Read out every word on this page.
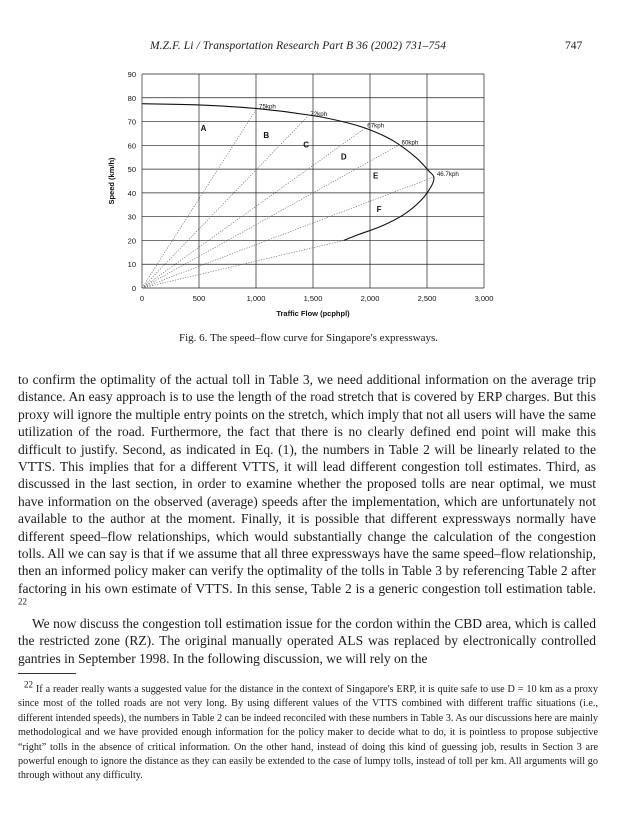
M.Z.F. Li / Transportation Research Part B 36 (2002) 731–754	747
0
10
20
30
40
50
60
70
80
90
0	500	1,000	1,500	2,000	2,500	3,000
Traffic Flow (pcphpl)
Speed (km/h)
75kph
72kph
67kph
60kph
46.7kph
A
B
C
D
E
F
Fig. 6. The speed–flow curve for Singapore's expressways.

to confirm the optimality of the actual toll in Table 3, we need additional information on the average trip distance. An easy approach is to use the length of the road stretch that is covered by ERP charges. But this proxy will ignore the multiple entry points on the stretch, which imply that not all users will have the same utilization of the road. Furthermore, the fact that there is no clearly defined end point will make this difficult to justify. Second, as indicated in Eq. (1), the numbers in Table 2 will be linearly related to the VTTS. This implies that for a different VTTS, it will lead different congestion toll estimates. Third, as discussed in the last section, in order to examine whether the proposed tolls are near optimal, we must have information on the observed (average) speeds after the implementation, which are unfortunately not available to the author at the moment. Finally, it is possible that different expressways normally have different speed–flow relationships, which would substantially change the calculation of the congestion tolls. All we can say is that if we assume that all three expressways have the same speed–flow relationship, then an informed policy maker can verify the optimality of the tolls in Table 3 by referencing Table 2 after factoring in his own estimate of VTTS. In this sense, Table 2 is a generic congestion toll estimation table. $^{22}$

We now discuss the congestion toll estimation issue for the cordon within the CBD area, which is called the restricted zone (RZ). The original manually operated ALS was replaced by electronically controlled gantries in September 1998. In the following discussion, we will rely on the

22 If a reader really wants a suggested value for the distance in the context of Singapore's ERP, it is quite safe to use D = 10 km as a proxy since most of the tolled roads are not very long. By using different values of the VTTS combined with different traffic situations (i.e., different intended speeds), the numbers in Table 2 can be indeed reconciled with these numbers in Table 3. As our discussions here are mainly methodological and we have provided enough information for the policy maker to decide what to do, it is pointless to propose subjective “right” tolls in the absence of critical information. On the other hand, instead of doing this kind of guessing job, results in Section 3 are powerful enough to ignore the distance as they can easily be extended to the case of lumpy tolls, instead of toll per km. All arguments will go through without any difficulty.
